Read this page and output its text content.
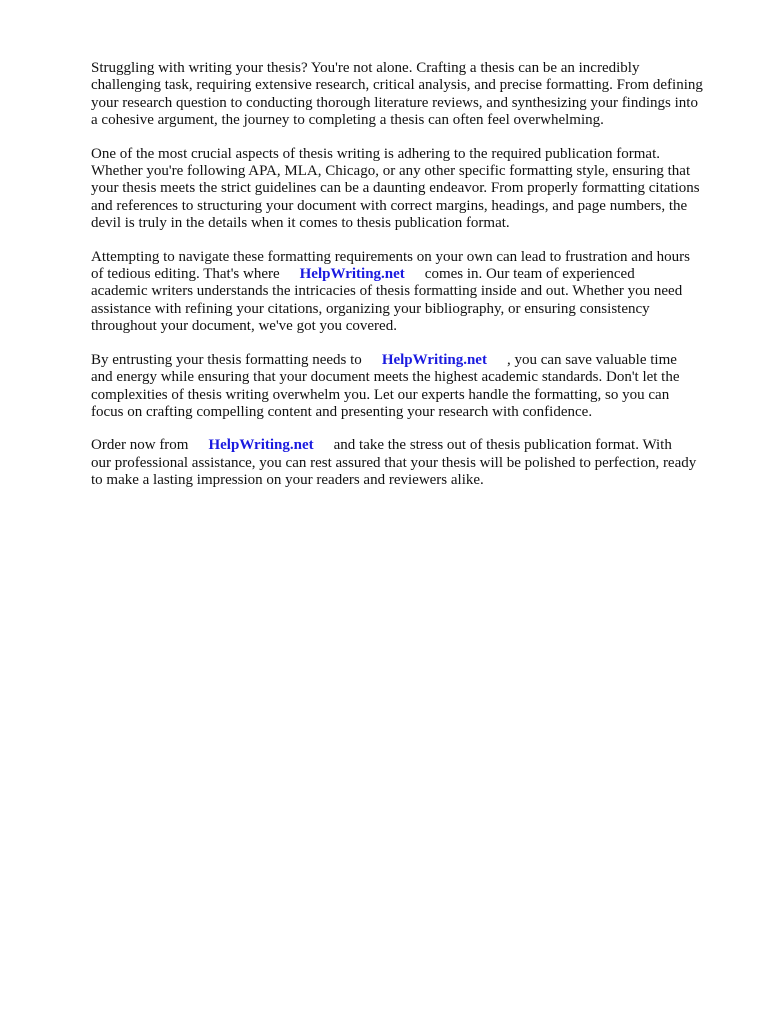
Struggling with writing your thesis? You're not alone. Crafting a thesis can be an incredibly
challenging task, requiring extensive research, critical analysis, and precise formatting. From defining
your research question to conducting thorough literature reviews, and synthesizing your findings into
a cohesive argument, the journey to completing a thesis can often feel overwhelming.

One of the most crucial aspects of thesis writing is adhering to the required publication format.
Whether you're following APA, MLA, Chicago, or any other specific formatting style, ensuring that
your thesis meets the strict guidelines can be a daunting endeavor. From properly formatting citations
and references to structuring your document with correct margins, headings, and page numbers, the
devil is truly in the details when it comes to thesis publication format.

Attempting to navigate these formatting requirements on your own can lead to frustration and hours
of tedious editing. That's where HelpWriting.net comes in. Our team of experienced
academic writers understands the intricacies of thesis formatting inside and out. Whether you need
assistance with refining your citations, organizing your bibliography, or ensuring consistency
throughout your document, we've got you covered.

By entrusting your thesis formatting needs to HelpWriting.net , you can save valuable time
and energy while ensuring that your document meets the highest academic standards. Don't let the
complexities of thesis writing overwhelm you. Let our experts handle the formatting, so you can
focus on crafting compelling content and presenting your research with confidence.

Order now from HelpWriting.net and take the stress out of thesis publication format. With
our professional assistance, you can rest assured that your thesis will be polished to perfection, ready
to make a lasting impression on your readers and reviewers alike.
